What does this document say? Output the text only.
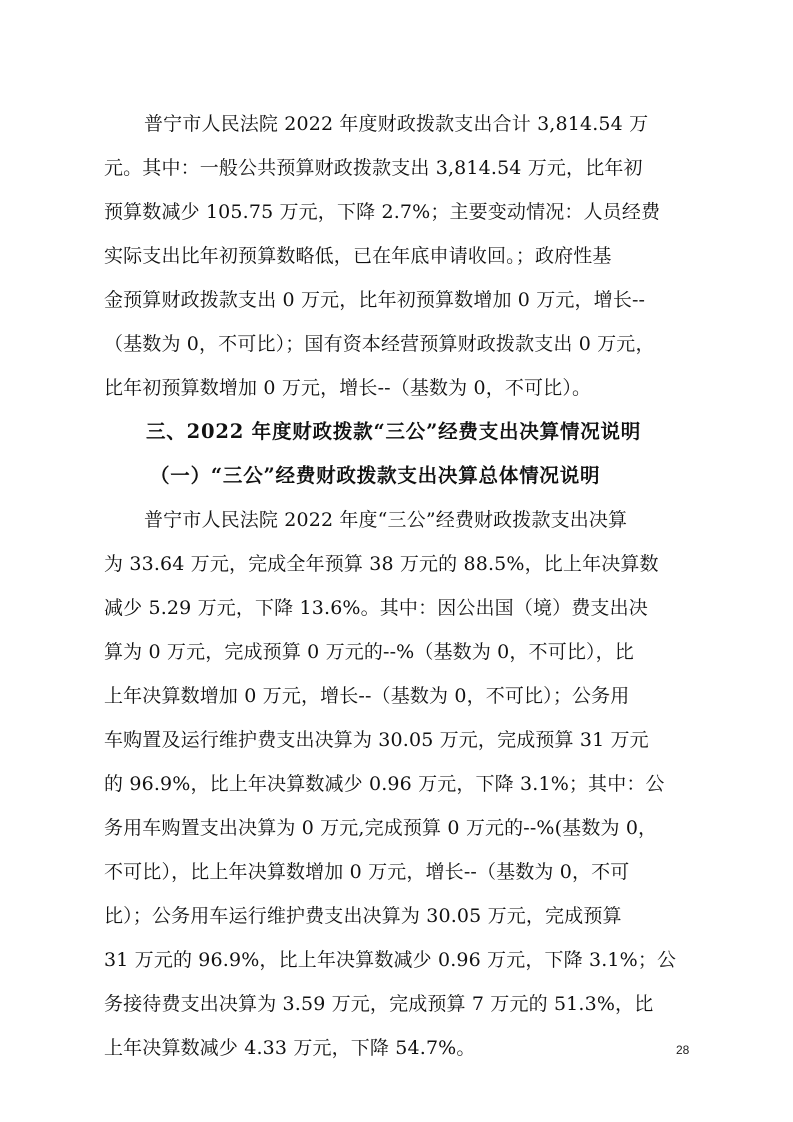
普宁市人民法院 2022 年度财政拨款支出合计 3,814.54 万
元。其中：一般公共预算财政拨款支出 3,814.54 万元，比年初
预算数减少 105.75 万元，下降 2.7%；主要变动情况：人员经费
实际支出比年初预算数略低，已在年底申请收回。；政府性基
金预算财政拨款支出 0 万元，比年初预算数增加 0 万元，增长--
（基数为 0，不可比）；国有资本经营预算财政拨款支出 0 万元，
比年初预算数增加 0 万元，增长--（基数为 0，不可比）。
三、2022 年度财政拨款“三公”经费支出决算情况说明
（一）“三公”经费财政拨款支出决算总体情况说明
普宁市人民法院 2022 年度“三公”经费财政拨款支出决算
为 33.64 万元，完成全年预算 38 万元的 88.5%，比上年决算数
减少 5.29 万元，下降 13.6%。其中：因公出国（境）费支出决
算为 0 万元，完成预算 0 万元的--%（基数为 0，不可比），比
上年决算数增加 0 万元，增长--（基数为 0，不可比）；公务用
车购置及运行维护费支出决算为 30.05 万元，完成预算 31 万元
的 96.9%，比上年决算数减少 0.96 万元，下降 3.1%；其中：公
务用车购置支出决算为 0 万元,完成预算 0 万元的--%(基数为 0，
不可比），比上年决算数增加 0 万元，增长--（基数为 0，不可
比）；公务用车运行维护费支出决算为 30.05 万元，完成预算
31 万元的 96.9%，比上年决算数减少 0.96 万元，下降 3.1%；公
务接待费支出决算为 3.59 万元，完成预算 7 万元的 51.3%，比
上年决算数减少 4.33 万元，下降 54.7%。	28
